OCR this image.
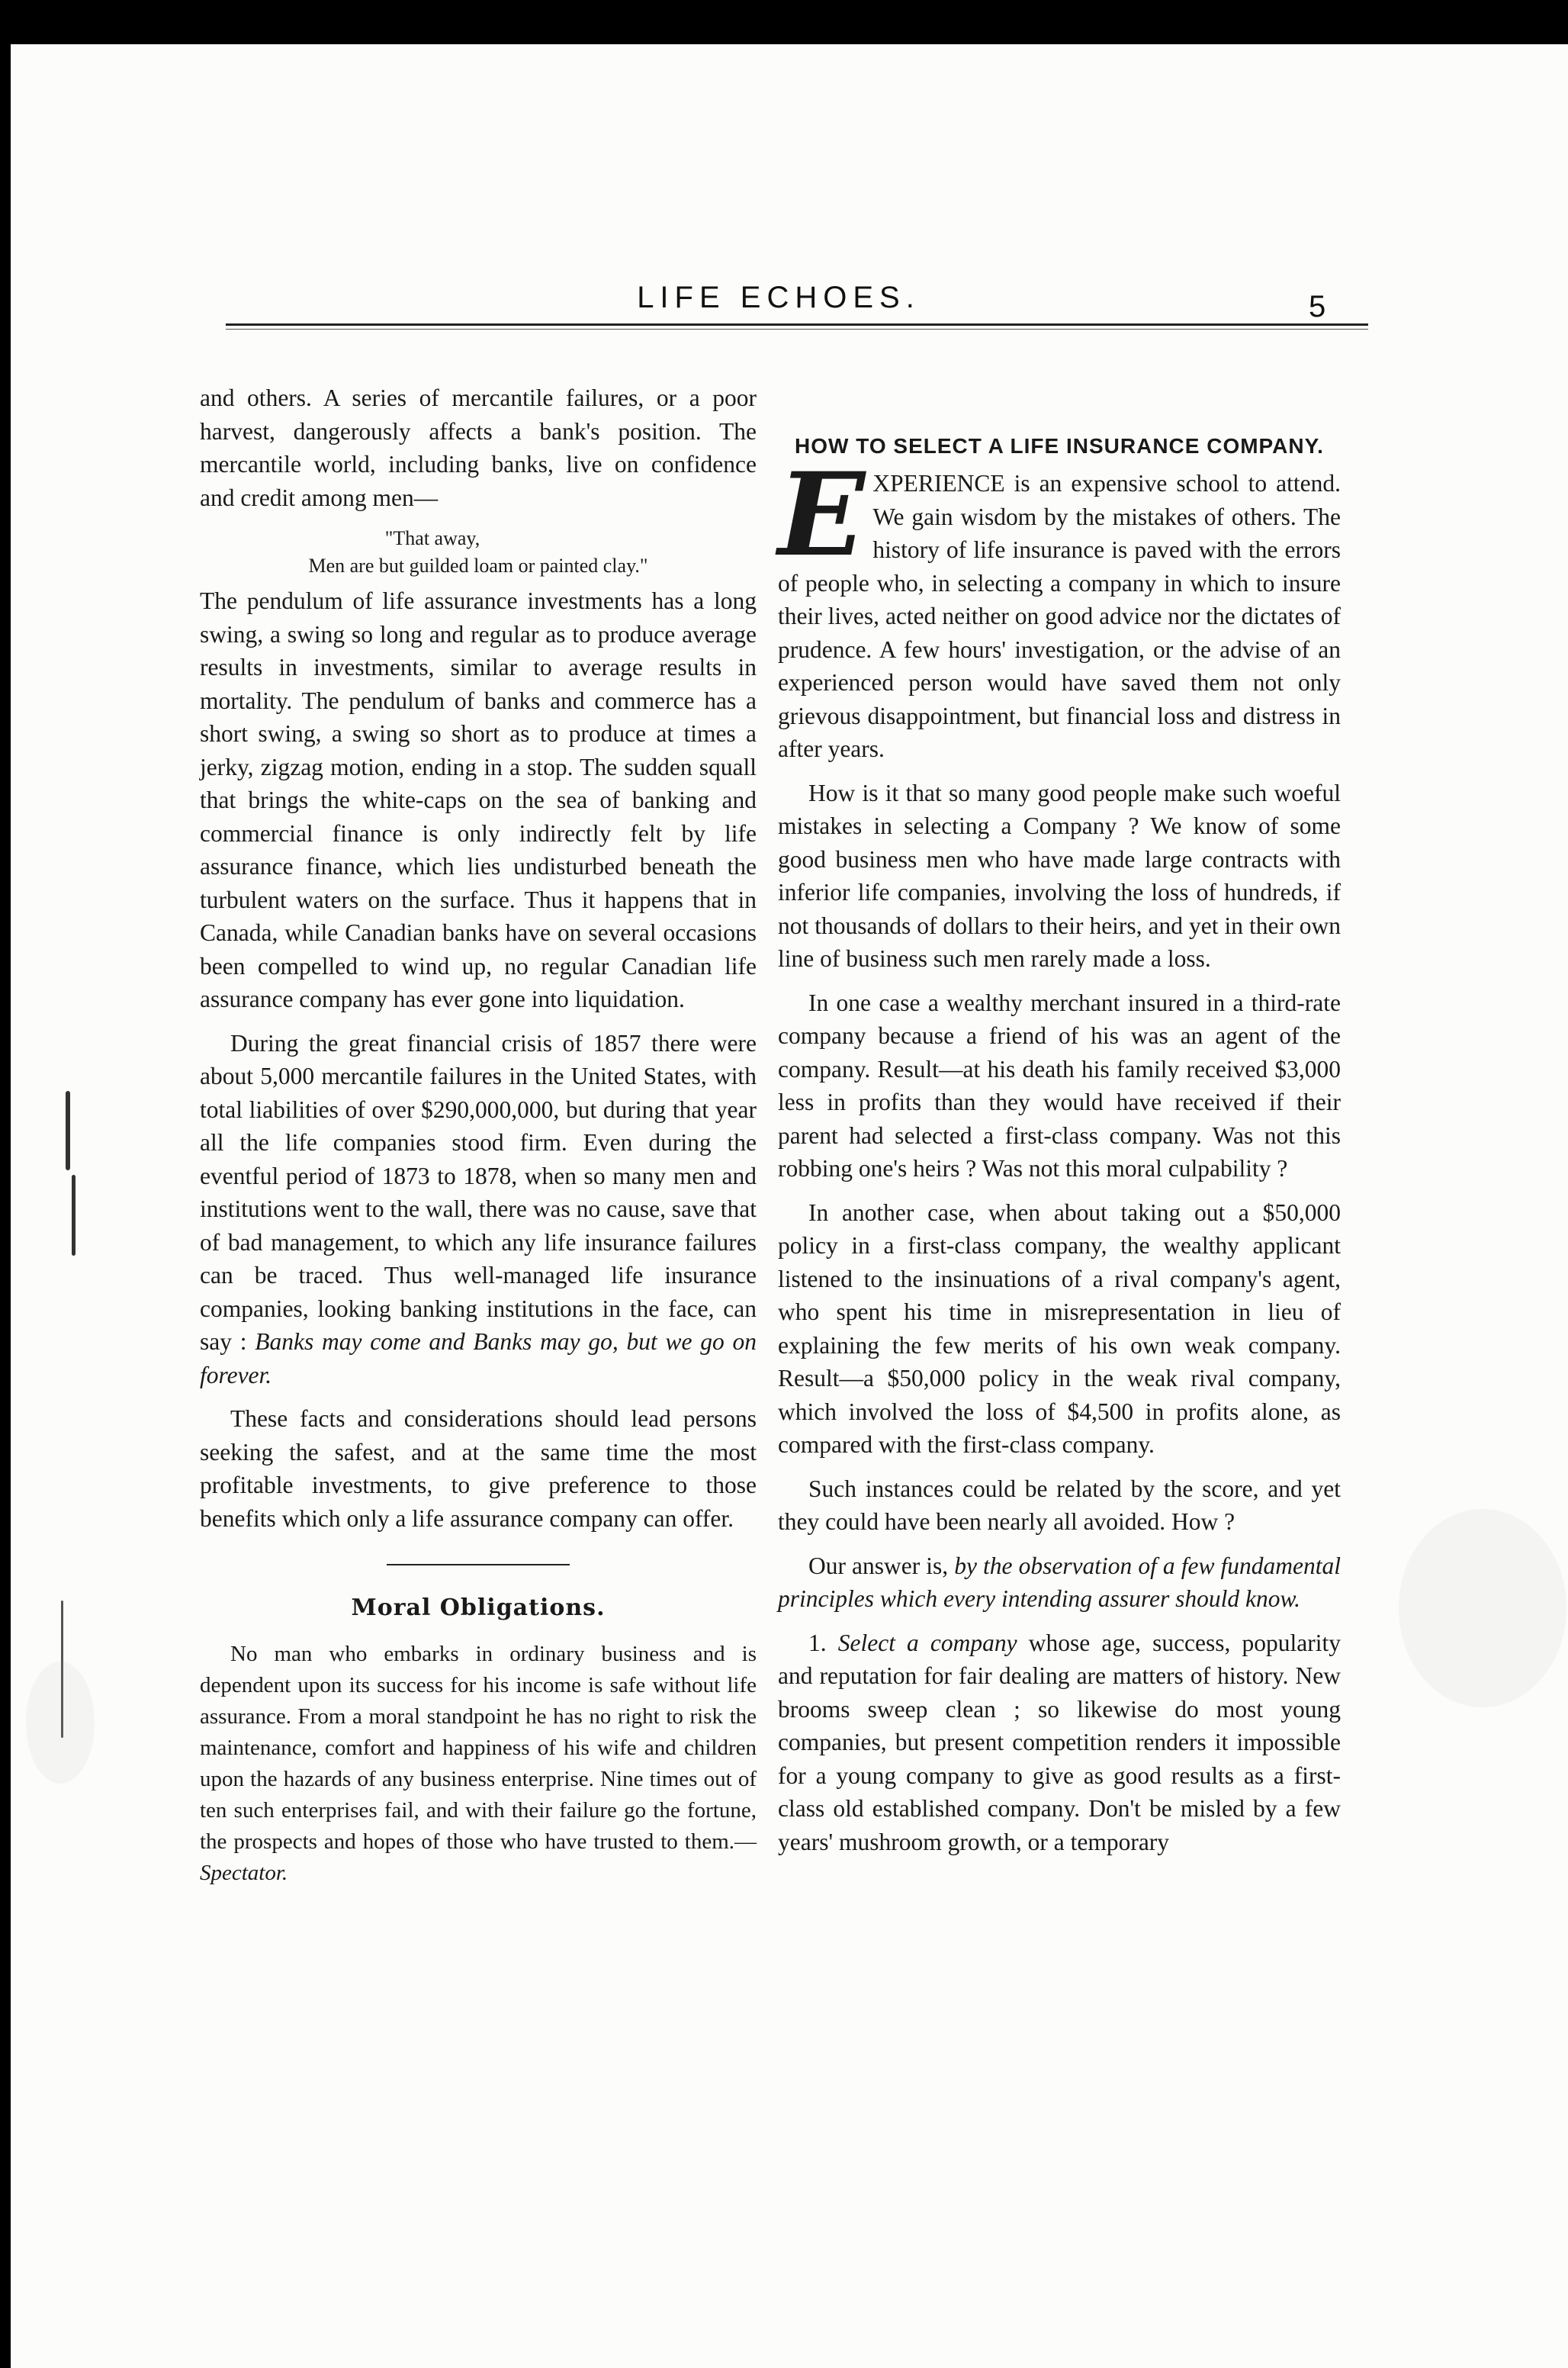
LIFE ECHOES.	5

and others. A series of mercantile failures, or a poor harvest, dangerously affects a bank's position. The mercantile world, including banks, live on confidence and credit among men—

"That away,
Men are but guilded loam or painted clay."

The pendulum of life assurance investments has a long swing, a swing so long and regular as to produce average results in investments, similar to average results in mortality. The pendulum of banks and commerce has a short swing, a swing so short as to produce at times a jerky, zigzag motion, ending in a stop. The sudden squall that brings the white-caps on the sea of banking and commercial finance is only indirectly felt by life assurance finance, which lies undisturbed beneath the turbulent waters on the surface. Thus it happens that in Canada, while Canadian banks have on several occasions been compelled to wind up, no regular Canadian life assurance company has ever gone into liquidation.

During the great financial crisis of 1857 there were about 5,000 mercantile failures in the United States, with total liabilities of over $290,000,000, but during that year all the life companies stood firm. Even during the eventful period of 1873 to 1878, when so many men and institutions went to the wall, there was no cause, save that of bad management, to which any life insurance failures can be traced. Thus well-managed life insurance companies, looking banking institutions in the face, can say : Banks may come and Banks may go, but we go on forever.

These facts and considerations should lead persons seeking the safest, and at the same time the most profitable investments, to give preference to those benefits which only a life assurance company can offer.

Moral Obligations.

No man who embarks in ordinary business and is dependent upon its success for his income is safe without life assurance. From a moral standpoint he has no right to risk the maintenance, comfort and happiness of his wife and children upon the hazards of any business enterprise. Nine times out of ten such enterprises fail, and with their failure go the fortune, the prospects and hopes of those who have trusted to them.—Spectator.

HOW TO SELECT A LIFE INSURANCE COMPANY.

EXPERIENCE is an expensive school to attend. We gain wisdom by the mistakes of others. The history of life insurance is paved with the errors of people who, in selecting a company in which to insure their lives, acted neither on good advice nor the dictates of prudence. A few hours' investigation, or the advise of an experienced person would have saved them not only grievous disappointment, but financial loss and distress in after years.

How is it that so many good people make such woeful mistakes in selecting a Company ? We know of some good business men who have made large contracts with inferior life companies, involving the loss of hundreds, if not thousands of dollars to their heirs, and yet in their own line of business such men rarely made a loss.

In one case a wealthy merchant insured in a third-rate company because a friend of his was an agent of the company. Result—at his death his family received $3,000 less in profits than they would have received if their parent had selected a first-class company. Was not this robbing one's heirs ? Was not this moral culpability ?

In another case, when about taking out a $50,000 policy in a first-class company, the wealthy applicant listened to the insinuations of a rival company's agent, who spent his time in misrepresentation in lieu of explaining the few merits of his own weak company. Result—a $50,000 policy in the weak rival company, which involved the loss of $4,500 in profits alone, as compared with the first-class company.

Such instances could be related by the score, and yet they could have been nearly all avoided. How ?

Our answer is, by the observation of a few fundamental principles which every intending assurer should know.

1. Select a company whose age, success, popularity and reputation for fair dealing are matters of history. New brooms sweep clean ; so likewise do most young companies, but present competition renders it impossible for a young company to give as good results as a first-class old established company. Don't be misled by a few years' mushroom growth, or a temporary
